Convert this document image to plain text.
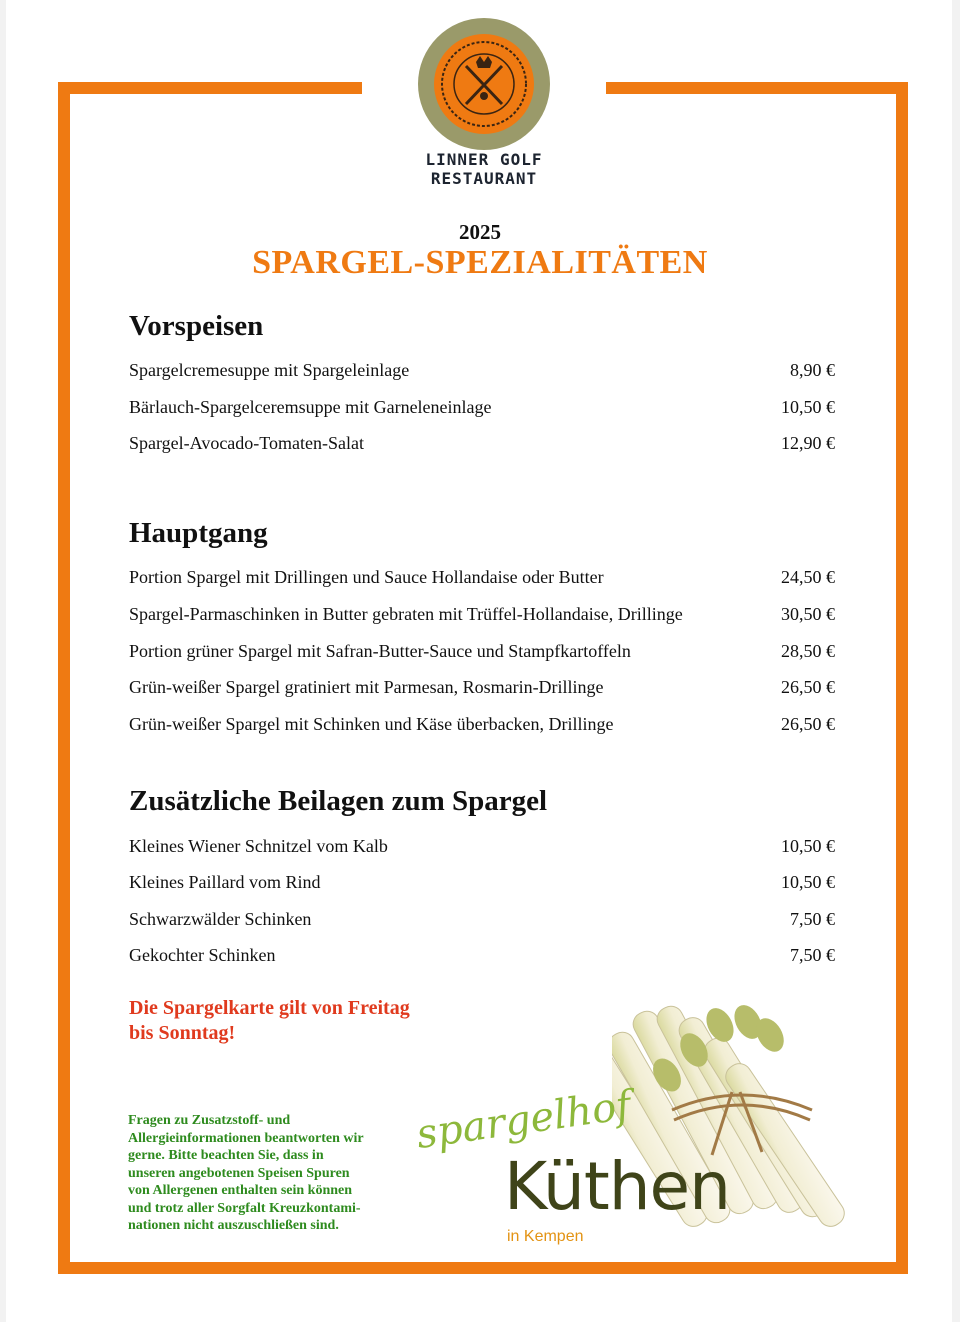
LINNER GOLF
RESTAURANT
2025
SPARGEL-SPEZIALITÄTEN
Vorspeisen
Spargelcremesuppe mit Spargeleinlage	8,90 €
Bärlauch-Spargelceremsuppe mit Garneleneinlage	10,50 €
Spargel-Avocado-Tomaten-Salat	12,90 €
Hauptgang
Portion Spargel mit Drillingen und Sauce Hollandaise oder Butter	24,50 €
Spargel-Parmaschinken in Butter gebraten mit Trüffel-Hollandaise, Drillinge	30,50 €
Portion grüner Spargel mit Safran-Butter-Sauce und Stampfkartoffeln	28,50 €
Grün-weißer Spargel gratiniert mit Parmesan, Rosmarin-Drillinge	26,50 €
Grün-weißer Spargel mit Schinken und Käse überbacken, Drillinge	26,50 €
Zusätzliche Beilagen zum Spargel
Kleines Wiener Schnitzel vom Kalb	10,50 €
Kleines Paillard vom Rind	10,50 €
Schwarzwälder Schinken	7,50 €
Gekochter Schinken	7,50 €
Die Spargelkarte gilt von Freitag
bis Sonntag!
Fragen zu Zusatzstoff- und
Allergieinformationen beantworten wir
gerne. Bitte beachten Sie, dass in
unseren angebotenen Speisen Spuren
von Allergenen enthalten sein können
und trotz aller Sorgfalt Kreuzkontami-
nationen nicht auszuschließen sind.
spargelhof
Küthen
in Kempen
